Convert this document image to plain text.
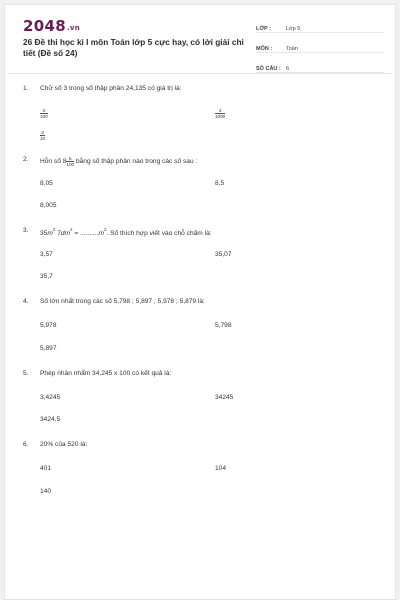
2048.vn
26 Đề thi học kì I môn Toán lớp 5 cực hay, có lời giải chi tiết (Đề số 24)
LỚP :	Lớp 5
MÔN :	Toán
SỐ CÂU : 6
1.	Chữ số 3 trong số thập phân 24,135 có giá trị là:
$\frac{3}{100}$	$\frac{3}{1000}$
$\frac{3}{10}$
2.	Hỗn số $8 \frac{5}{100}$ bằng số thập phân nào trong các số sau :
8,05	8,5
8,005
3.	$35m^2$ $7dm^2 = ..........m^2$. Số thích hợp viết vào chỗ chấm là:
3,57	35,07
35,7
4.	Số lớn nhất trong các số 5,798 ; 5,897 ; 5,978 ; 5,879 là:
5,978	5,798
5,897
5.	Phép nhân nhẩm 34,245 x 100 có kết quả là:
3,4245	34245
3424,5
6.	20% của 520 là:
401	104
140
